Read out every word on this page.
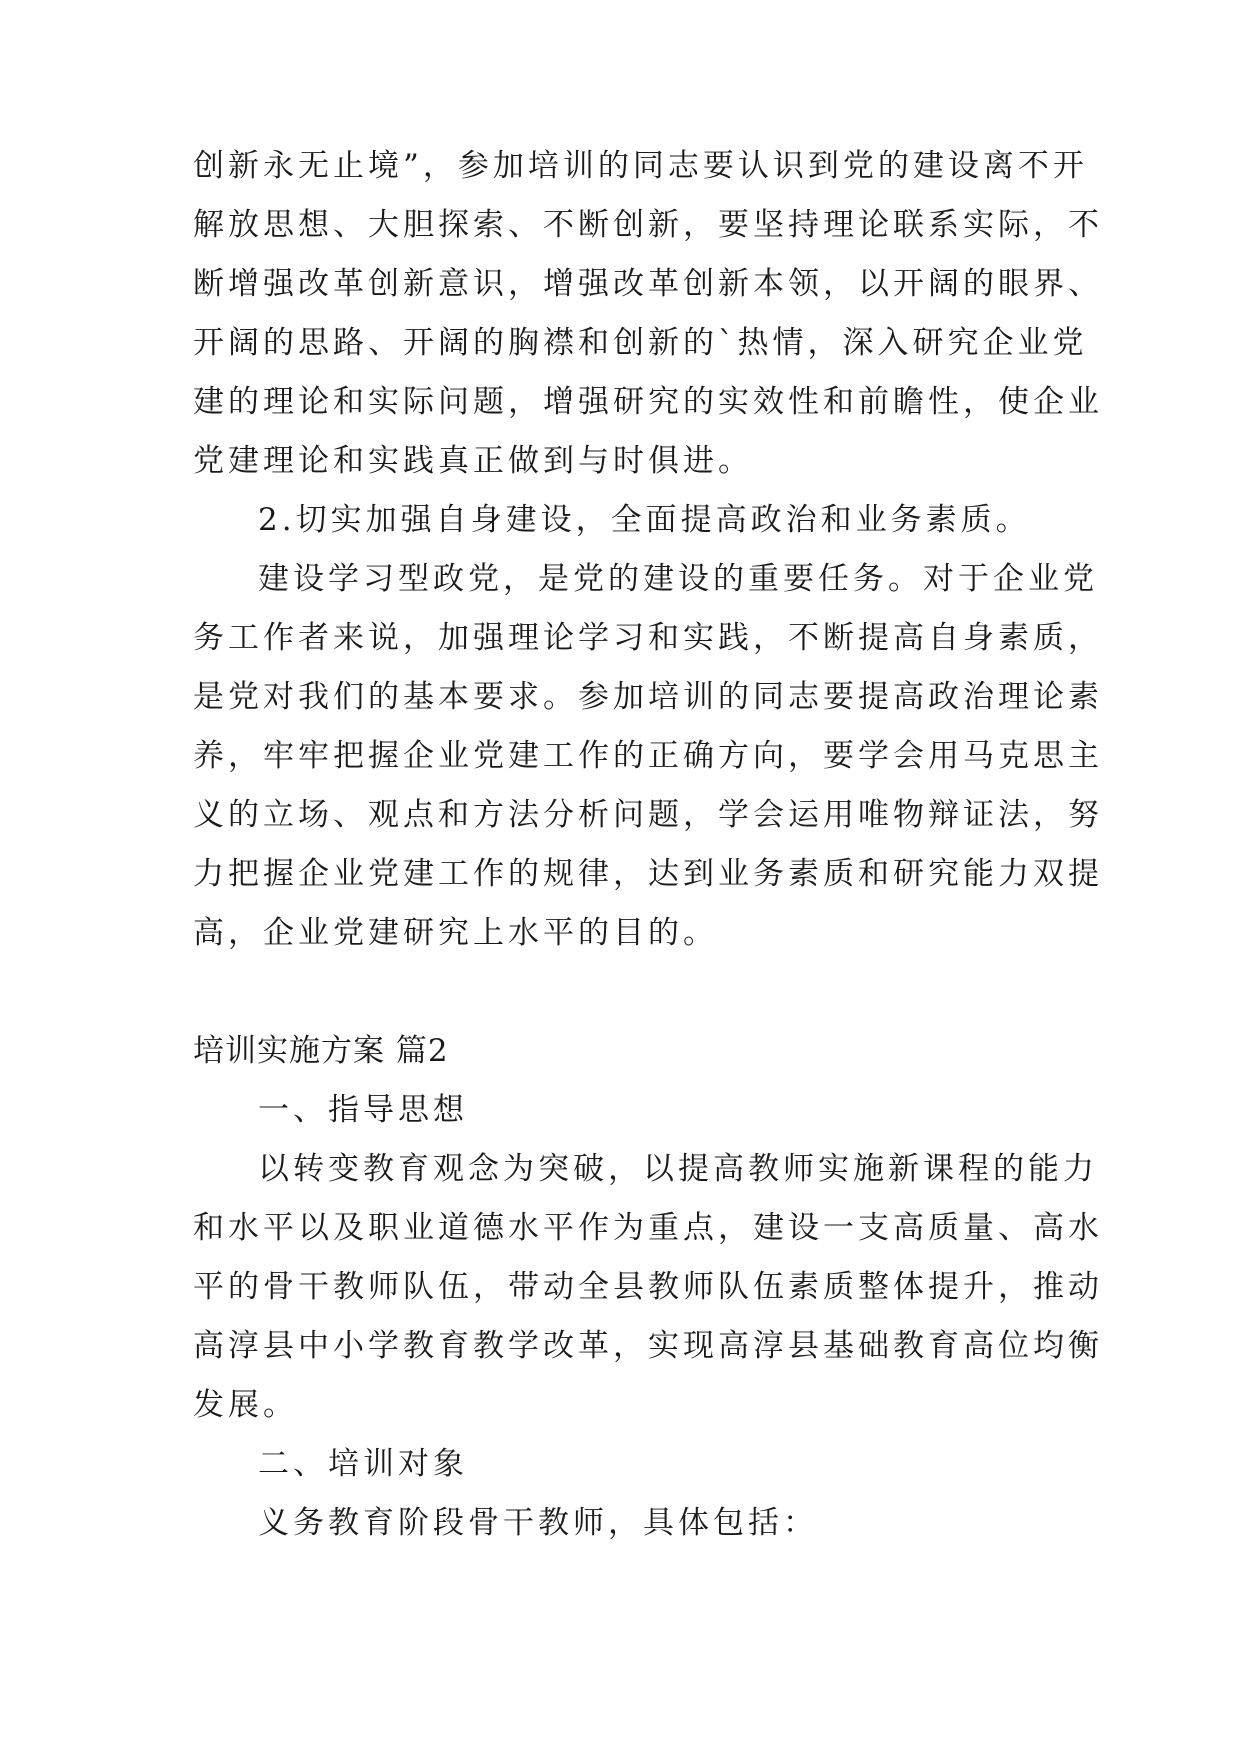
创新永无止境”，参加培训的同志要认识到党的建设离不开
解放思想、大胆探索、不断创新，要坚持理论联系实际，不
断增强改革创新意识，增强改革创新本领，以开阔的眼界、
开阔的思路、开阔的胸襟和创新的`热情，深入研究企业党
建的理论和实际问题，增强研究的实效性和前瞻性，使企业
党建理论和实践真正做到与时俱进。
2.切实加强自身建设，全面提高政治和业务素质。
建设学习型政党，是党的建设的重要任务。对于企业党
务工作者来说，加强理论学习和实践，不断提高自身素质，
是党对我们的基本要求。参加培训的同志要提高政治理论素
养，牢牢把握企业党建工作的正确方向，要学会用马克思主
义的立场、观点和方法分析问题，学会运用唯物辩证法，努
力把握企业党建工作的规律，达到业务素质和研究能力双提
高，企业党建研究上水平的目的。
培训实施方案 篇2
一、指导思想
以转变教育观念为突破，以提高教师实施新课程的能力
和水平以及职业道德水平作为重点，建设一支高质量、高水
平的骨干教师队伍，带动全县教师队伍素质整体提升，推动
高淳县中小学教育教学改革，实现高淳县基础教育高位均衡
发展。
二、培训对象
义务教育阶段骨干教师，具体包括：
